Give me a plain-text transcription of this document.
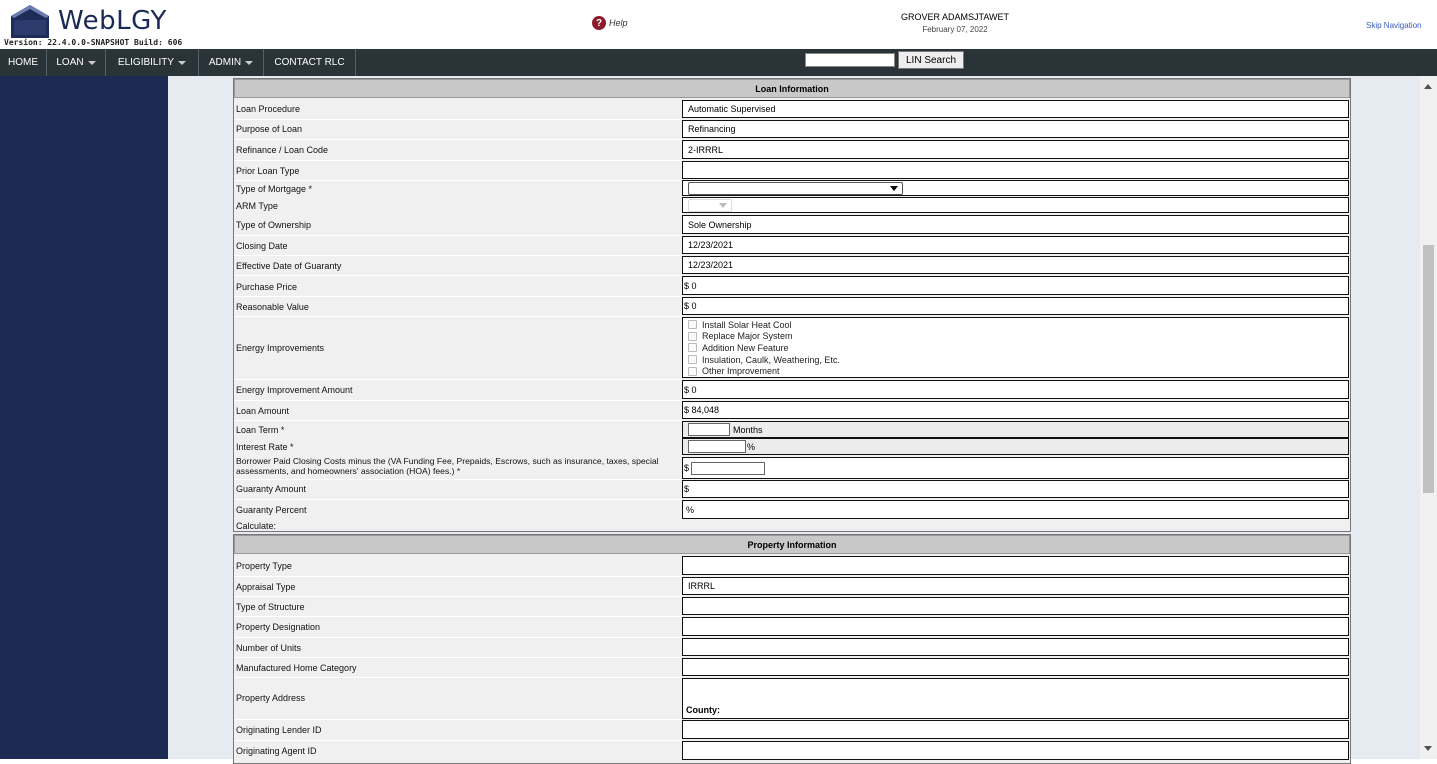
WebLGY
Version: 22.4.0.0-SNAPSHOT Build: 606
? Help
GROVER ADAMSJTAWET
February 07, 2022	Skip Navigation
HOME LOAN	ELIGIBILITY	ADMIN	CONTACT RLC	LIN Search
Loan Information
Loan Procedure	Automatic Supervised
Purpose of Loan	Refinancing
Refinance / Loan Code	2-IRRRL
Prior Loan Type
Type of Mortgage *
ARM Type
Type of Ownership	Sole Ownership
Closing Date	12/23/2021
Effective Date of Guaranty	12/23/2021
Purchase Price	$ 0
Reasonable Value	$ 0
Energy Improvements
Install Solar Heat Cool
Replace Major System
Addition New Feature
Insulation, Caulk, Weathering, Etc.
Other Improvement
Energy Improvement Amount	$ 0
Loan Amount	$ 84,048
Loan Term *	Months
Interest Rate *	%
Borrower Paid Closing Costs minus the (VA Funding Fee, Prepaids, Escrows, such as insurance, taxes, special assessments, and homeowners' association (HOA) fees.) *	$
Guaranty Amount	$
Guaranty Percent	%
Calculate:
Property Information
Property Type
Appraisal Type	IRRRL
Type of Structure
Property Designation
Number of Units
Manufactured Home Category
Property Address
County:
Originating Lender ID
Originating Agent ID
